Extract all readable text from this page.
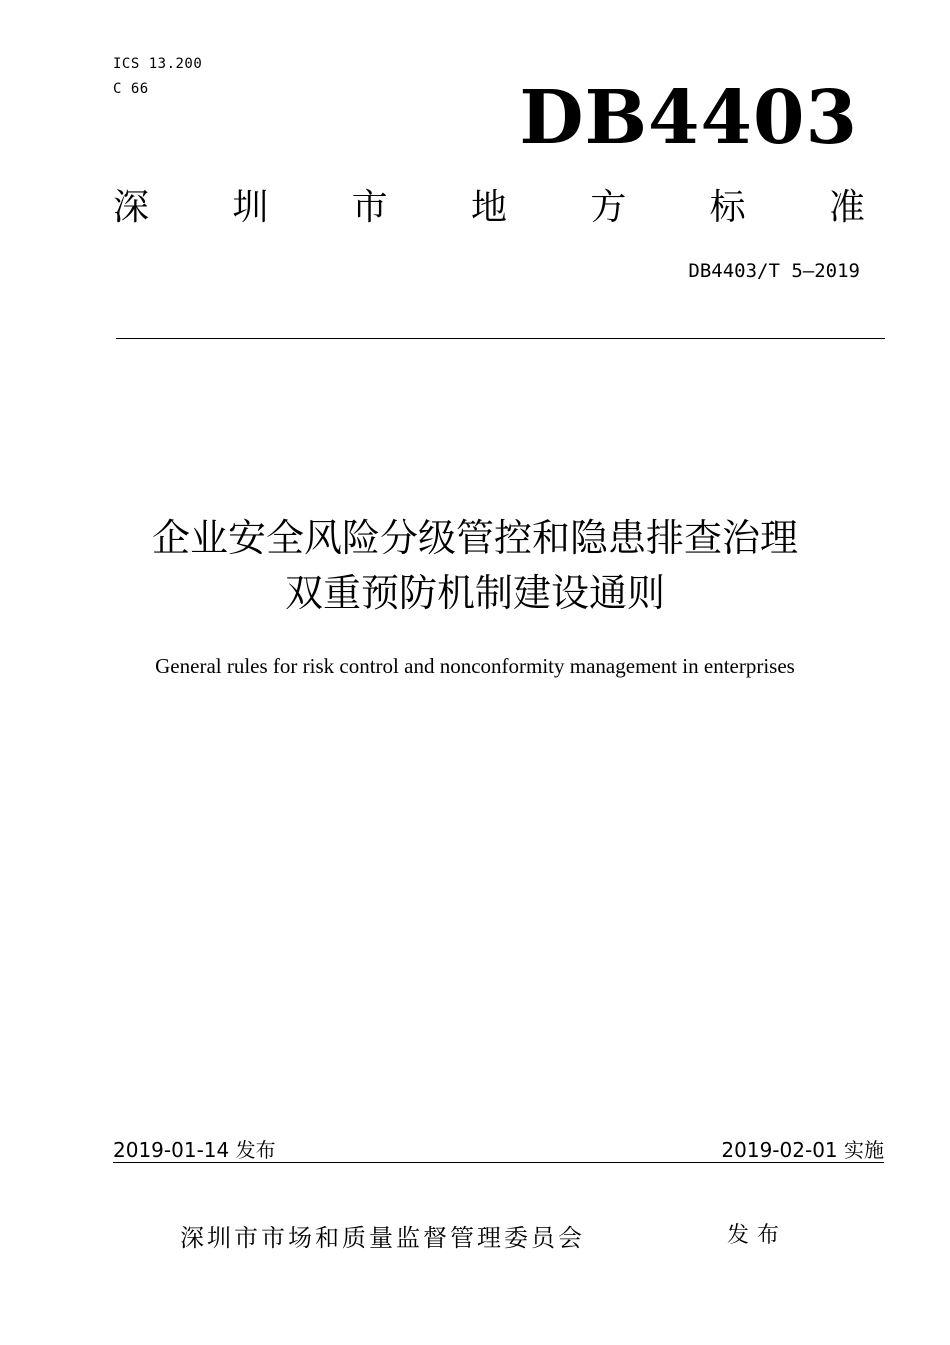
ICS 13.200
C 66	DB4403
深 圳 市 地 方 标 准
DB4403/T 5—2019
企业安全风险分级管控和隐患排查治理
双重预防机制建设通则
General rules for risk control and nonconformity management in enterprises
2019-01-14 发布	2019-02-01 实施
深圳市市场和质量监督管理委员会	发布
